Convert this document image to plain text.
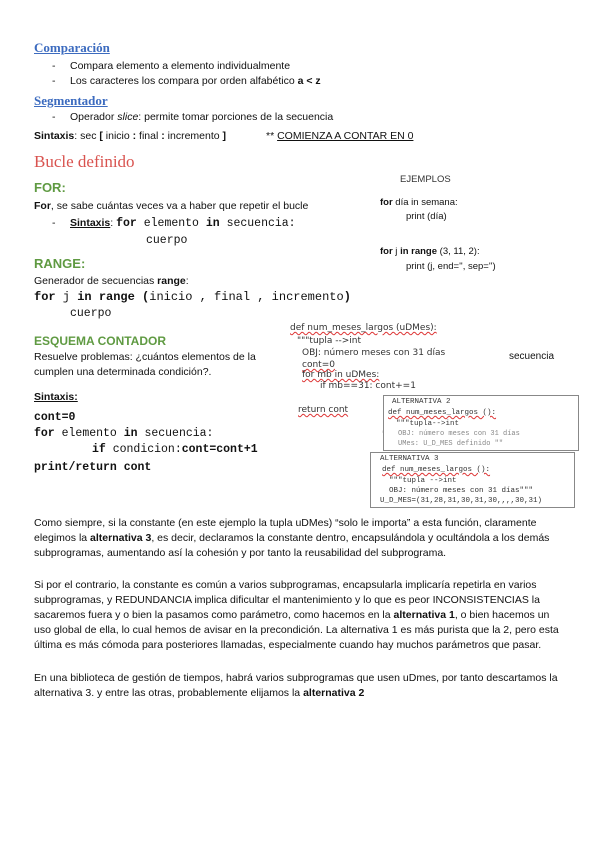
Comparación
- Compara elemento a elemento individualmente
- Los caracteres los compara por orden alfabético a < z
Segmentador
- Operador slice: permite tomar porciones de la secuencia
Sintaxis: sec [ inicio : final : incremento ]	** COMIENZA A CONTAR EN 0
Bucle definido
FOR:
For, se sabe cuántas veces va a haber que repetir el bucle
- Sintaxis: for elemento in secuencia:
cuerpo
RANGE:
Generador de secuencias range:
for j in range (inicio , final , incremento)
cuerpo
EJEMPLOS
for día in semana:
print (día)
for j in range (3, 11, 2):
print (j, end='', sep='')
ESQUEMA CONTADOR
Resuelve problemas: ¿cuántos elementos de la
cumplen una determinada condición?.
Sintaxis:
cont=0
for elemento in secuencia:
if condicion:cont=cont+1
print/return cont
def num_meses_largos (uDMes):
"""tupla -->int
OBJ: número meses con 31 días
cont=0
for mb in uDMes:
if mb==31: cont+=1
return cont
secuencia
ALTERNATIVA 2
def num_meses_largos ():
"""tupla-->int
OBJ: número meses con 31 días
UMes: U_D_MES definido ""
ALTERNATIVA 3
def num_meses_largos ():
"""tupla -->int
OBJ: número meses con 31 días"""
U_D_MES=(31,28,31,30,31,30,,,,30,31)
Como siempre, si la constante (en este ejemplo la tupla uDMes) “solo le importa” a esta función, claramente elegimos la alternativa 3, es decir, declaramos la constante dentro, encapsulándola y ocultándola a los demás subprogramas, aumentando así la cohesión y por tanto la reusabilidad del subprograma.
Si por el contrario, la constante es común a varios subprogramas, encapsularla implicaría repetirla en varios subprogramas, y REDUNDANCIA implica dificultar el mantenimiento y lo que es peor INCONSISTENCIAS la sacaremos fuera y o bien la pasamos como parámetro, como hacemos en la alternativa 1, o bien hacemos un uso global de ella, lo cual hemos de avisar en la precondición. La alternativa 1 es más purista que la 2, pero esta última es más cómoda para posteriores llamadas, especialmente cuando hay muchos parámetros que pasar.
En una biblioteca de gestión de tiempos, habrá varios subprogramas que usen uDmes, por tanto descartamos la alternativa 3. y entre las otras, probablemente elijamos la alternativa 2
